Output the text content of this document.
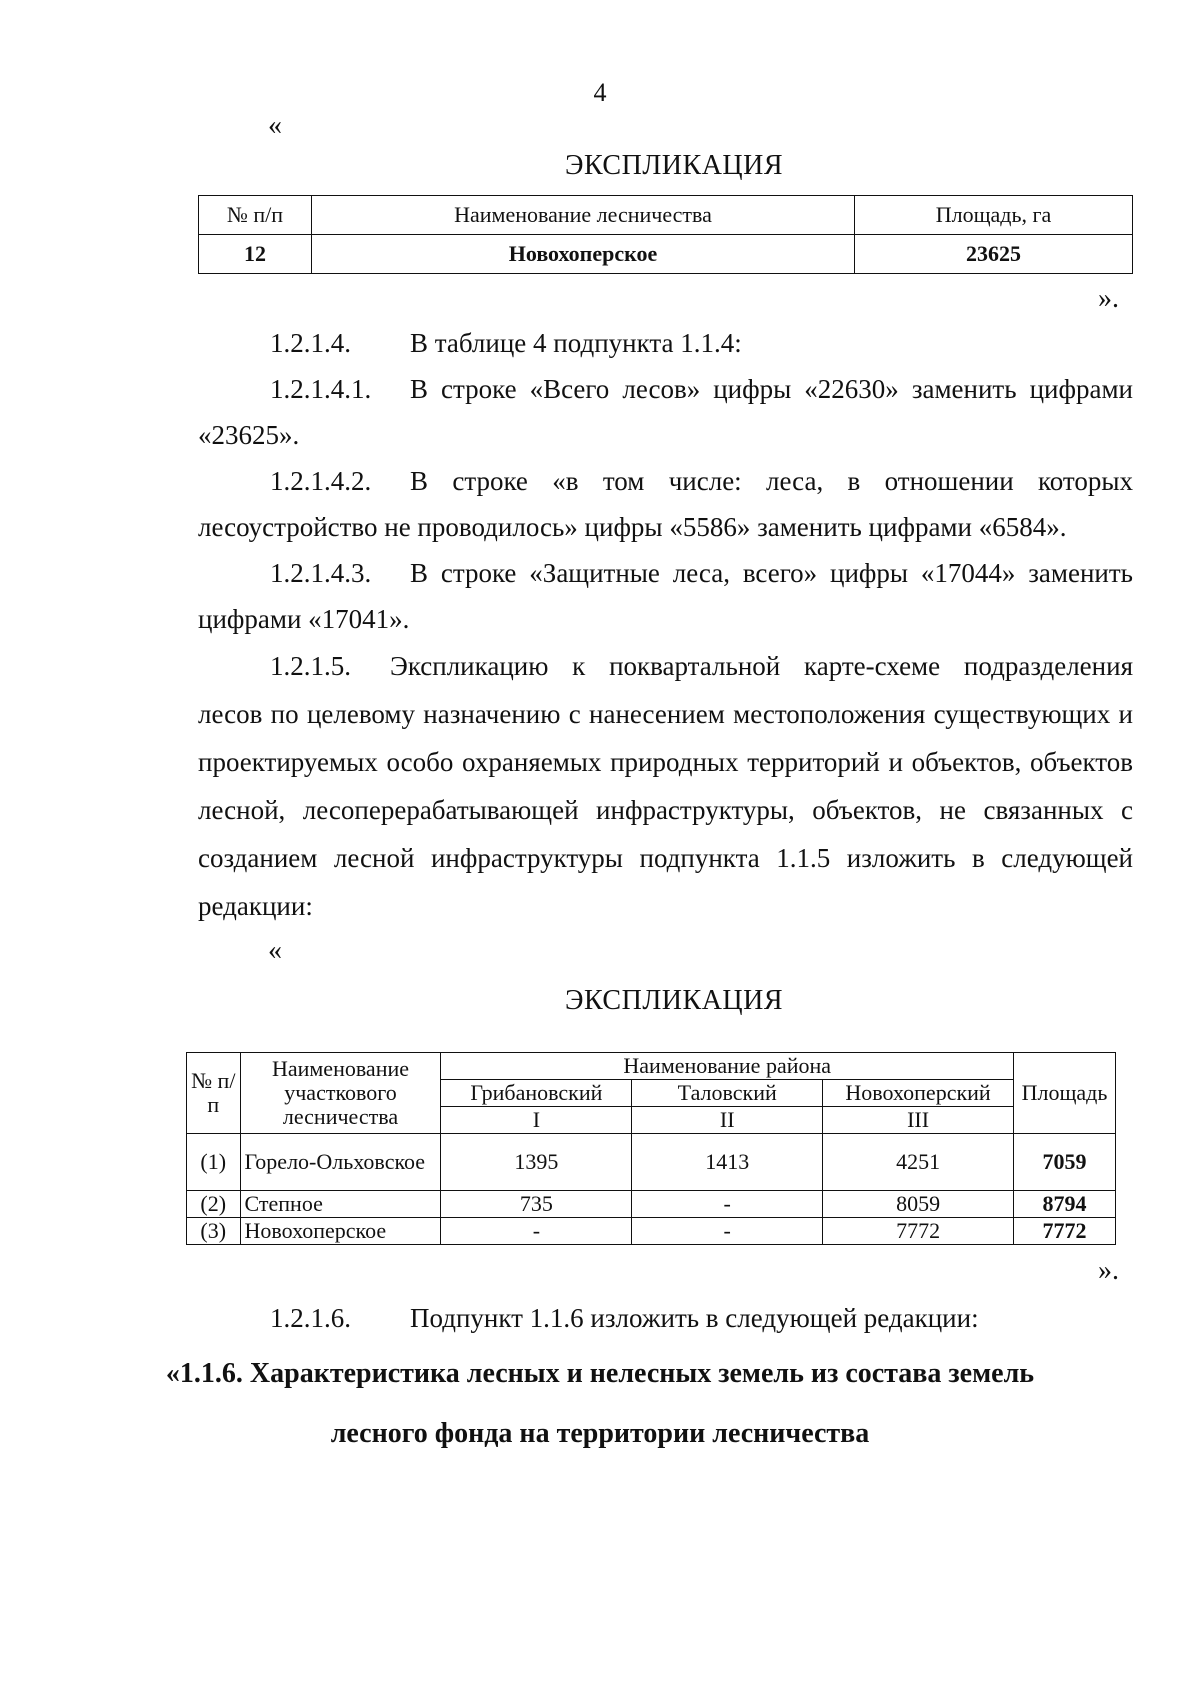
4
«
ЭКСПЛИКАЦИЯ
№ п/п	Наименование лесничества	Площадь, га
12	Новохоперское	23625
».
1.2.1.4. В таблице 4 подпункта 1.1.4:
1.2.1.4.1. В строке «Всего лесов» цифры «22630» заменить цифрами «23625».
1.2.1.4.2. В строке «в том числе: леса, в отношении которых лесоустройство не проводилось» цифры «5586» заменить цифрами «6584».
1.2.1.4.3. В строке «Защитные леса, всего» цифры «17044» заменить цифрами «17041».
1.2.1.5. Экспликацию к поквартальной карте-схеме подразделения лесов по целевому назначению с нанесением местоположения существующих и проектируемых особо охраняемых природных территорий и объектов, объектов лесной, лесоперерабатывающей инфраструктуры, объектов, не связанных с созданием лесной инфраструктуры подпункта 1.1.5 изложить в следующей редакции:
«
ЭКСПЛИКАЦИЯ
№ п/п	Наименование участкового лесничества	Наименование района			Площадь
		Грибановский	Таловский	Новохоперский	
		I	II	III	
(1)	Горело-Ольховское	1395	1413	4251	7059
(2)	Степное	735	-	8059	8794
(3)	Новохоперское	-	-	7772	7772
».
1.2.1.6. Подпункт 1.1.6 изложить в следующей редакции:
«1.1.6. Характеристика лесных и нелесных земель из состава земель
лесного фонда на территории лесничества
